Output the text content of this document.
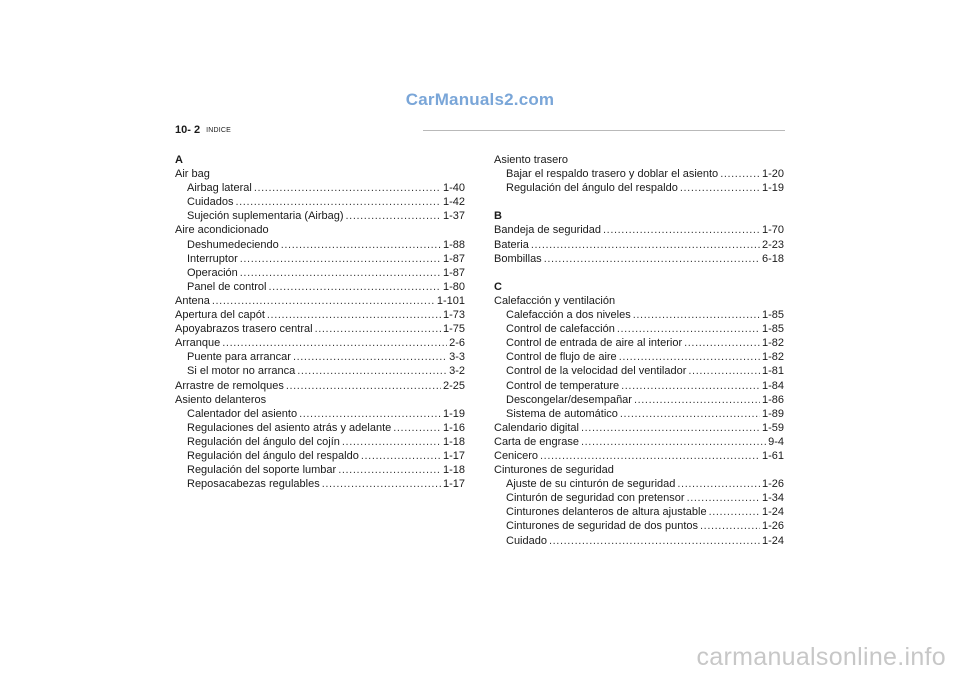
CarManuals2.com
10- 2 INDICE
A
Air bag
Airbag lateral .....	1-40
Cuidados .....	1-42
Sujeción suplementaria (Airbag) .....	1-37
Aire acondicionado
Deshumedeciendo .....	1-88
Interruptor .....	1-87
Operación .....	1-87
Panel de control .....	1-80
Antena .....	1-101
Apertura del capót .....	1-73
Apoyabrazos trasero central .....	1-75
Arranque .....	2-6
Puente para arrancar .....	3-3
Si el motor no arranca .....	3-2
Arrastre de remolques .....	2-25
Asiento delanteros
Calentador del asiento .....	1-19
Regulaciones del asiento atrás y adelante .....	1-16
Regulación del ángulo del cojín .....	1-18
Regulación del ángulo del respaldo .....	1-17
Regulación del soporte lumbar .....	1-18
Reposacabezas regulables .....	1-17
Asiento trasero
Bajar el respaldo trasero y doblar el asiento .....	1-20
Regulación del ángulo del respaldo .....	1-19
B
Bandeja de seguridad .....	1-70
Bateria .....	2-23
Bombillas .....	6-18
C
Calefacción y ventilación
Calefacción a dos niveles .....	1-85
Control de calefacción .....	1-85
Control de entrada de aire al interior .....	1-82
Control de flujo de aire .....	1-82
Control de la velocidad del ventilador .....	1-81
Control de temperature .....	1-84
Descongelar/desempañar .....	1-86
Sistema de automático .....	1-89
Calendario digital .....	1-59
Carta de engrase .....	9-4
Cenicero .....	1-61
Cinturones de seguridad
Ajuste de su cinturón de seguridad .....	1-26
Cinturón de seguridad con pretensor .....	1-34
Cinturones delanteros de altura ajustable .....	1-24
Cinturones de seguridad de dos puntos .....	1-26
Cuidado .....	1-24
carmanualsonline.info
